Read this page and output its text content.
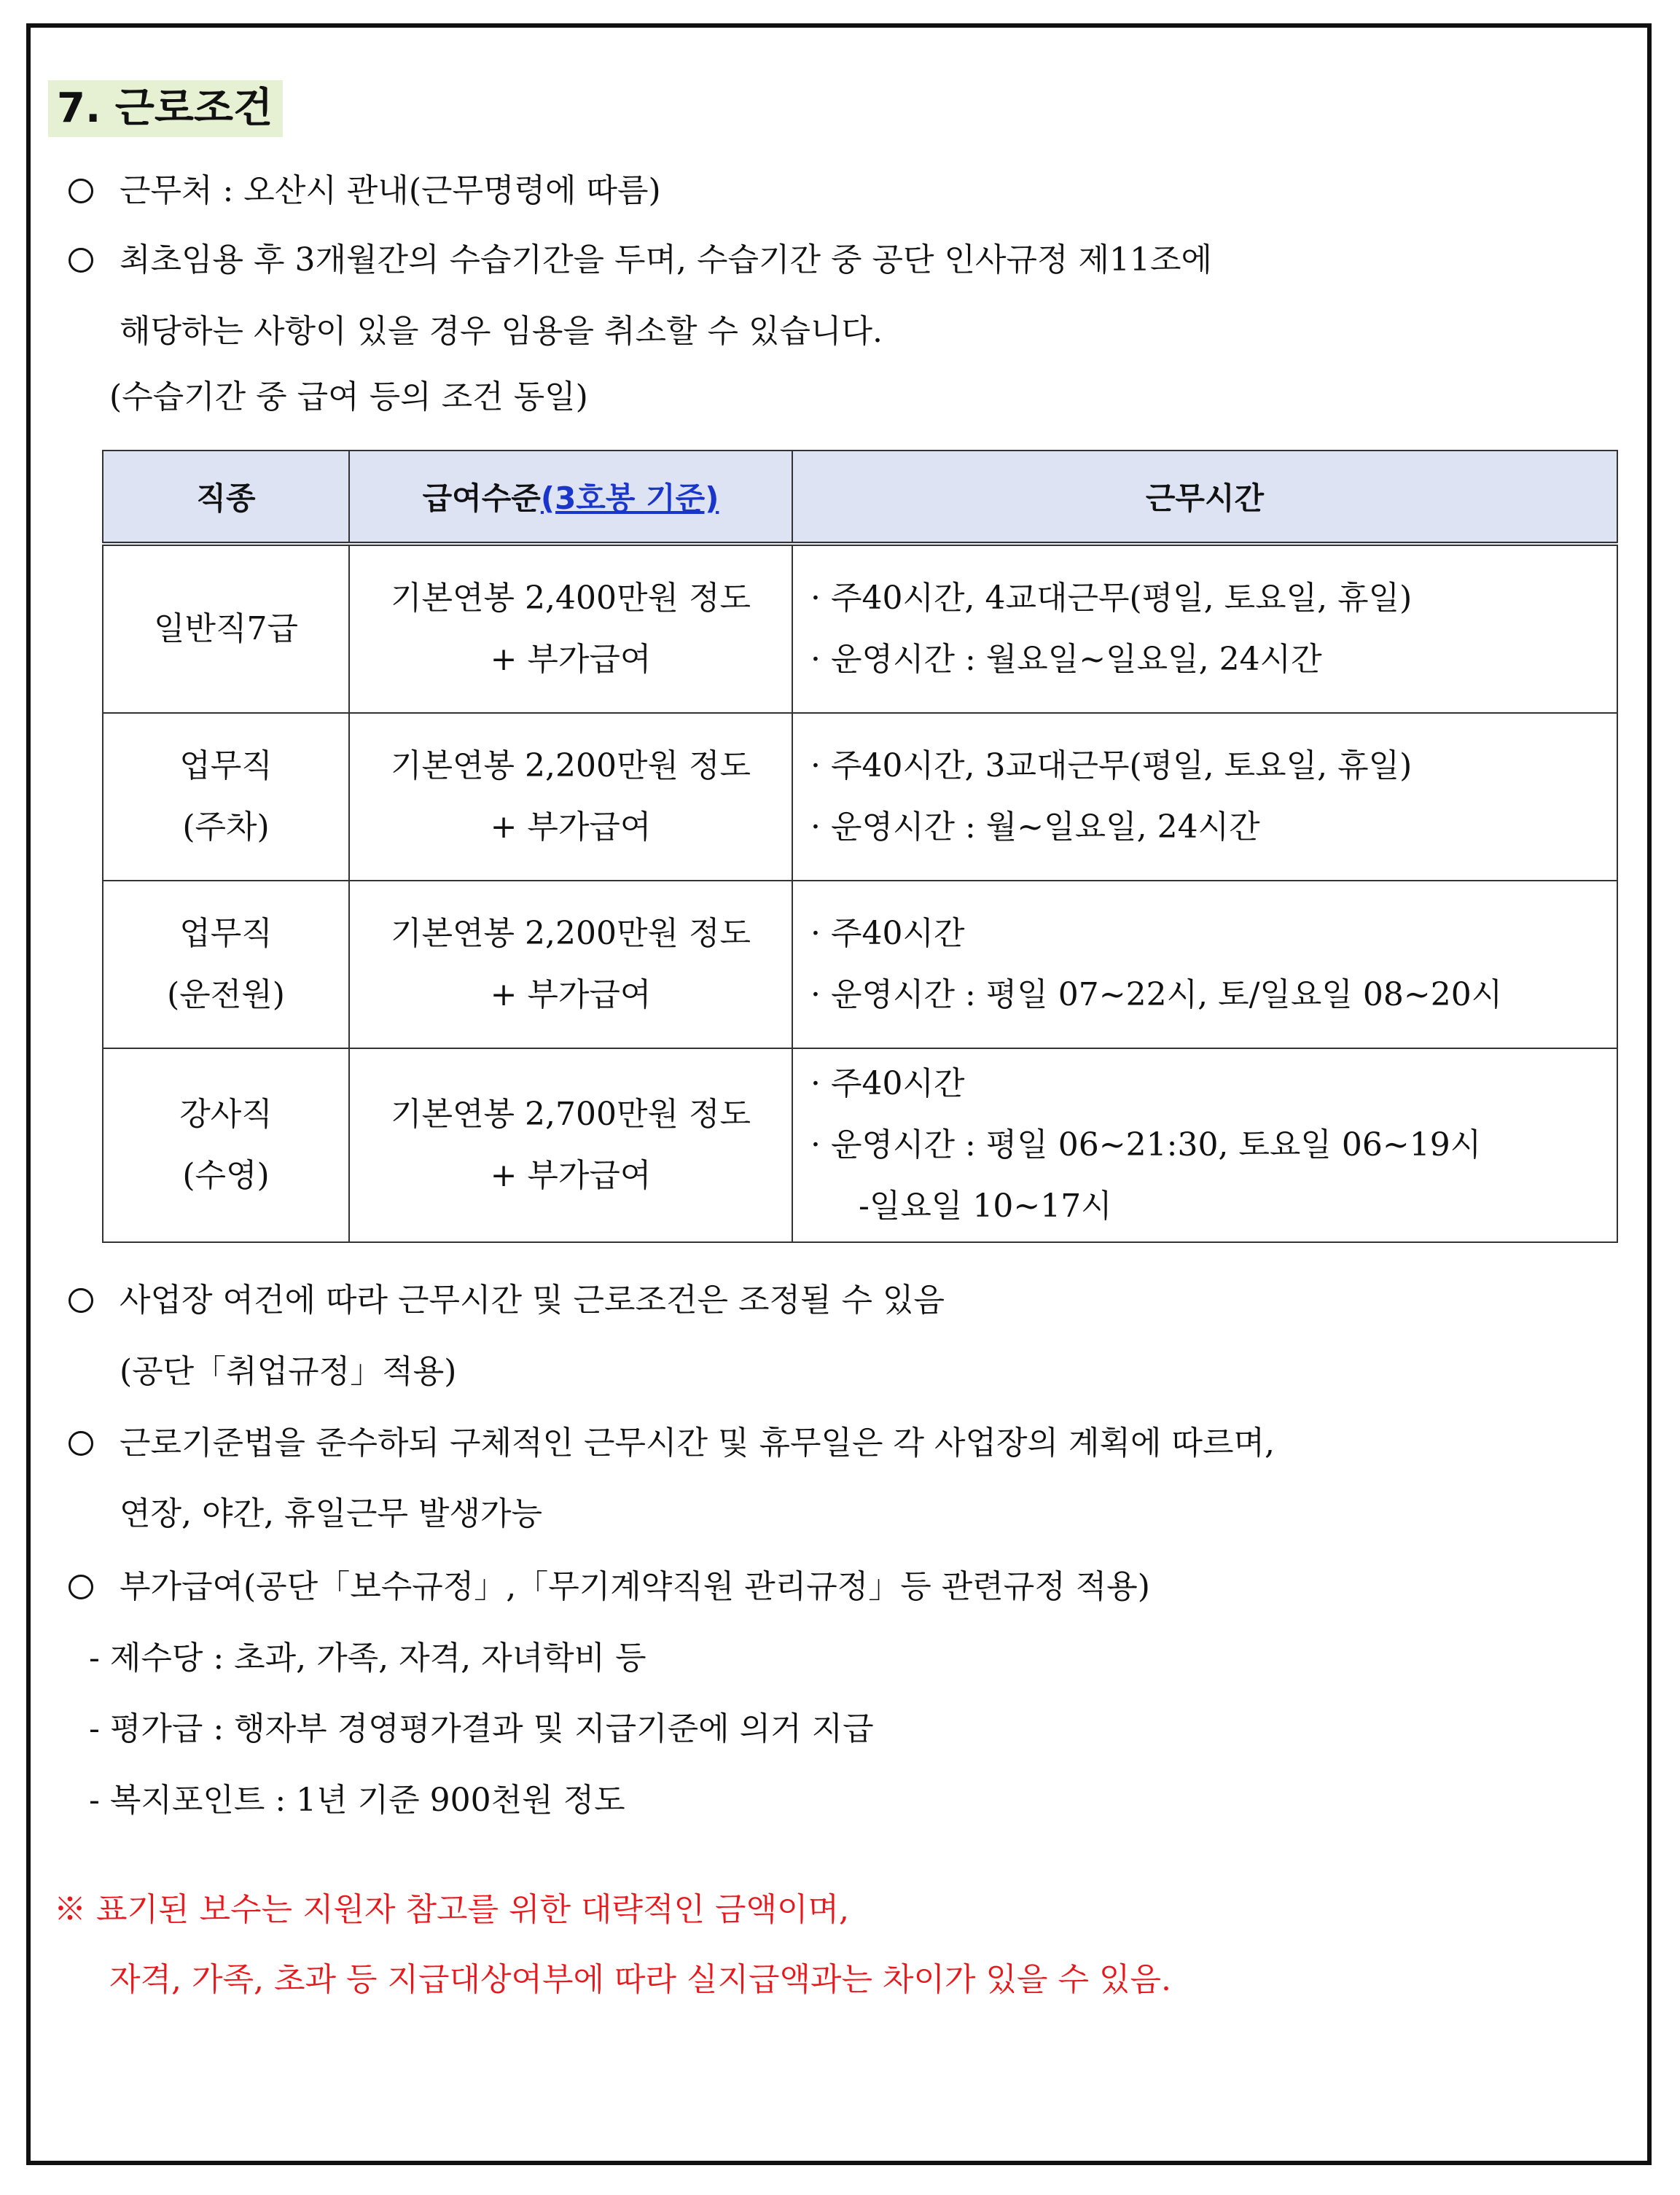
7. 근로조건
근무처 : 오산시 관내(근무명령에 따름)
최초임용 후 3개월간의 수습기간을 두며, 수습기간 중 공단 인사규정 제11조에
해당하는 사항이 있을 경우 임용을 취소할 수 있습니다.
(수습기간 중 급여 등의 조건 동일)
직종	급여수준(3호봉 기준)	근무시간

일반직7급	기본연봉 2,400만원 정도
+ 부가급여	· 주40시간, 4교대근무(평일, 토요일, 휴일)
· 운영시간 : 월요일~일요일, 24시간

업무직
(주차)	기본연봉 2,200만원 정도
+ 부가급여	· 주40시간, 3교대근무(평일, 토요일, 휴일)
· 운영시간 : 월~일요일, 24시간

업무직
(운전원)	기본연봉 2,200만원 정도
+ 부가급여	· 주40시간
· 운영시간 : 평일 07~22시, 토/일요일 08~20시

강사직
(수영)	기본연봉 2,700만원 정도
+ 부가급여	· 주40시간
· 운영시간 : 평일 06~21:30, 토요일 06~19시
-일요일 10~17시
사업장 여건에 따라 근무시간 및 근로조건은 조정될 수 있음
(공단「취업규정」적용)
근로기준법을 준수하되 구체적인 근무시간 및 휴무일은 각 사업장의 계획에 따르며,
연장, 야간, 휴일근무 발생가능
부가급여(공단「보수규정」,「무기계약직원 관리규정」등 관련규정 적용)
- 제수당 : 초과, 가족, 자격, 자녀학비 등
- 평가급 : 행자부 경영평가결과 및 지급기준에 의거 지급
- 복지포인트 : 1년 기준 900천원 정도
※ 표기된 보수는 지원자 참고를 위한 대략적인 금액이며,
자격, 가족, 초과 등 지급대상여부에 따라 실지급액과는 차이가 있을 수 있음.
